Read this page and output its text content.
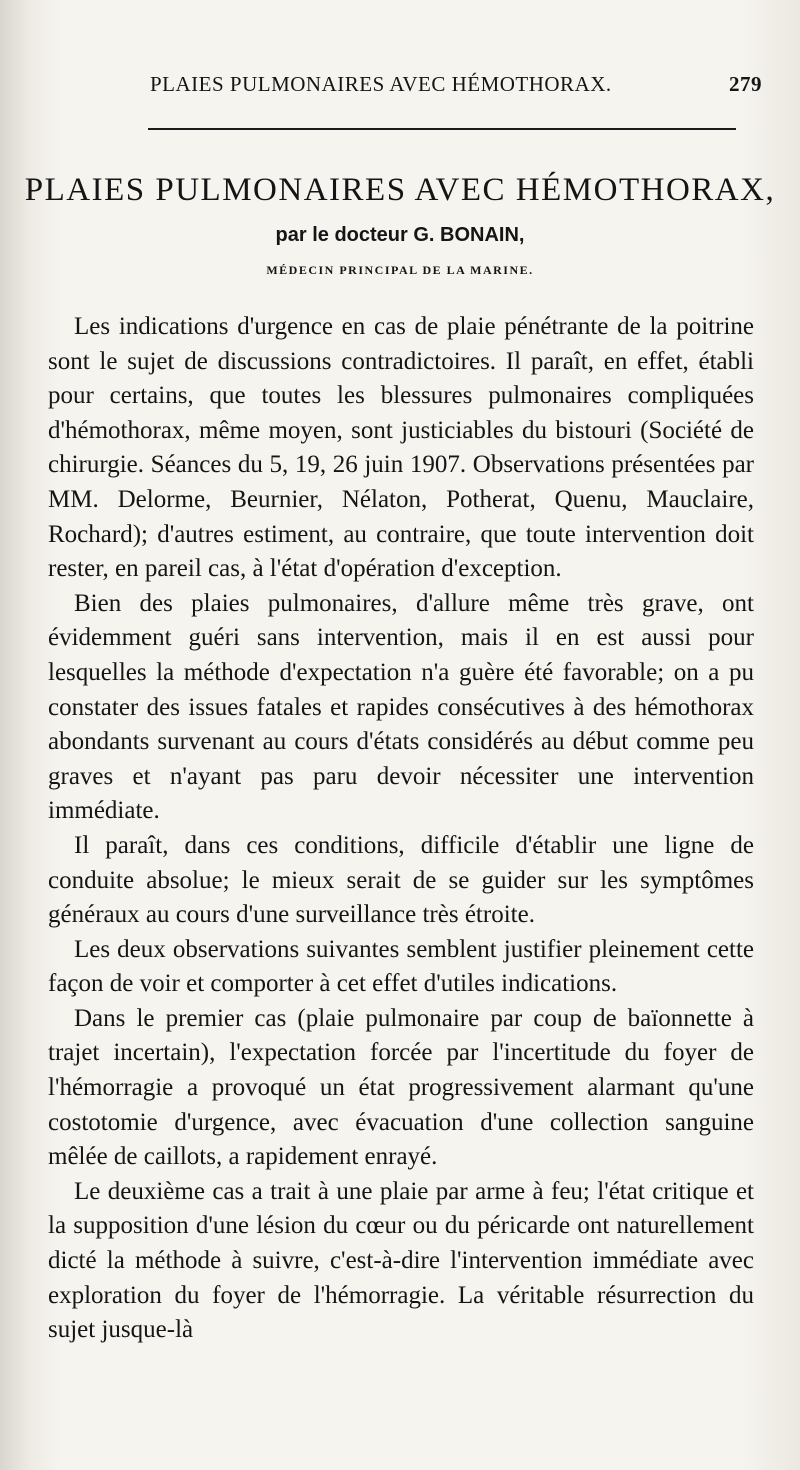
PLAIES PULMONAIRES AVEC HÉMOTHORAX.	279
PLAIES PULMONAIRES AVEC HÉMOTHORAX,
par le docteur G. BONAIN,
MÉDECIN PRINCIPAL DE LA MARINE.

Les indications d'urgence en cas de plaie pénétrante de la poitrine sont le sujet de discussions contradictoires. Il paraît, en effet, établi pour certains, que toutes les blessures pulmonaires compliquées d'hémothorax, même moyen, sont justiciables du bistouri (Société de chirurgie. Séances du 5, 19, 26 juin 1907. Observations présentées par MM. Delorme, Beurnier, Nélaton, Potherat, Quenu, Mauclaire, Rochard); d'autres estiment, au contraire, que toute intervention doit rester, en pareil cas, à l'état d'opération d'exception.

Bien des plaies pulmonaires, d'allure même très grave, ont évidemment guéri sans intervention, mais il en est aussi pour lesquelles la méthode d'expectation n'a guère été favorable; on a pu constater des issues fatales et rapides consécutives à des hémothorax abondants survenant au cours d'états considérés au début comme peu graves et n'ayant pas paru devoir nécessiter une intervention immédiate.

Il paraît, dans ces conditions, difficile d'établir une ligne de conduite absolue; le mieux serait de se guider sur les symptômes généraux au cours d'une surveillance très étroite.

Les deux observations suivantes semblent justifier pleinement cette façon de voir et comporter à cet effet d'utiles indications.

Dans le premier cas (plaie pulmonaire par coup de baïonnette à trajet incertain), l'expectation forcée par l'incertitude du foyer de l'hémorragie a provoqué un état progressivement alarmant qu'une costotomie d'urgence, avec évacuation d'une collection sanguine mêlée de caillots, a rapidement enrayé.

Le deuxième cas a trait à une plaie par arme à feu; l'état critique et la supposition d'une lésion du cœur ou du péricarde ont naturellement dicté la méthode à suivre, c'est-à-dire l'intervention immédiate avec exploration du foyer de l'hémorragie. La véritable résurrection du sujet jusque-là
